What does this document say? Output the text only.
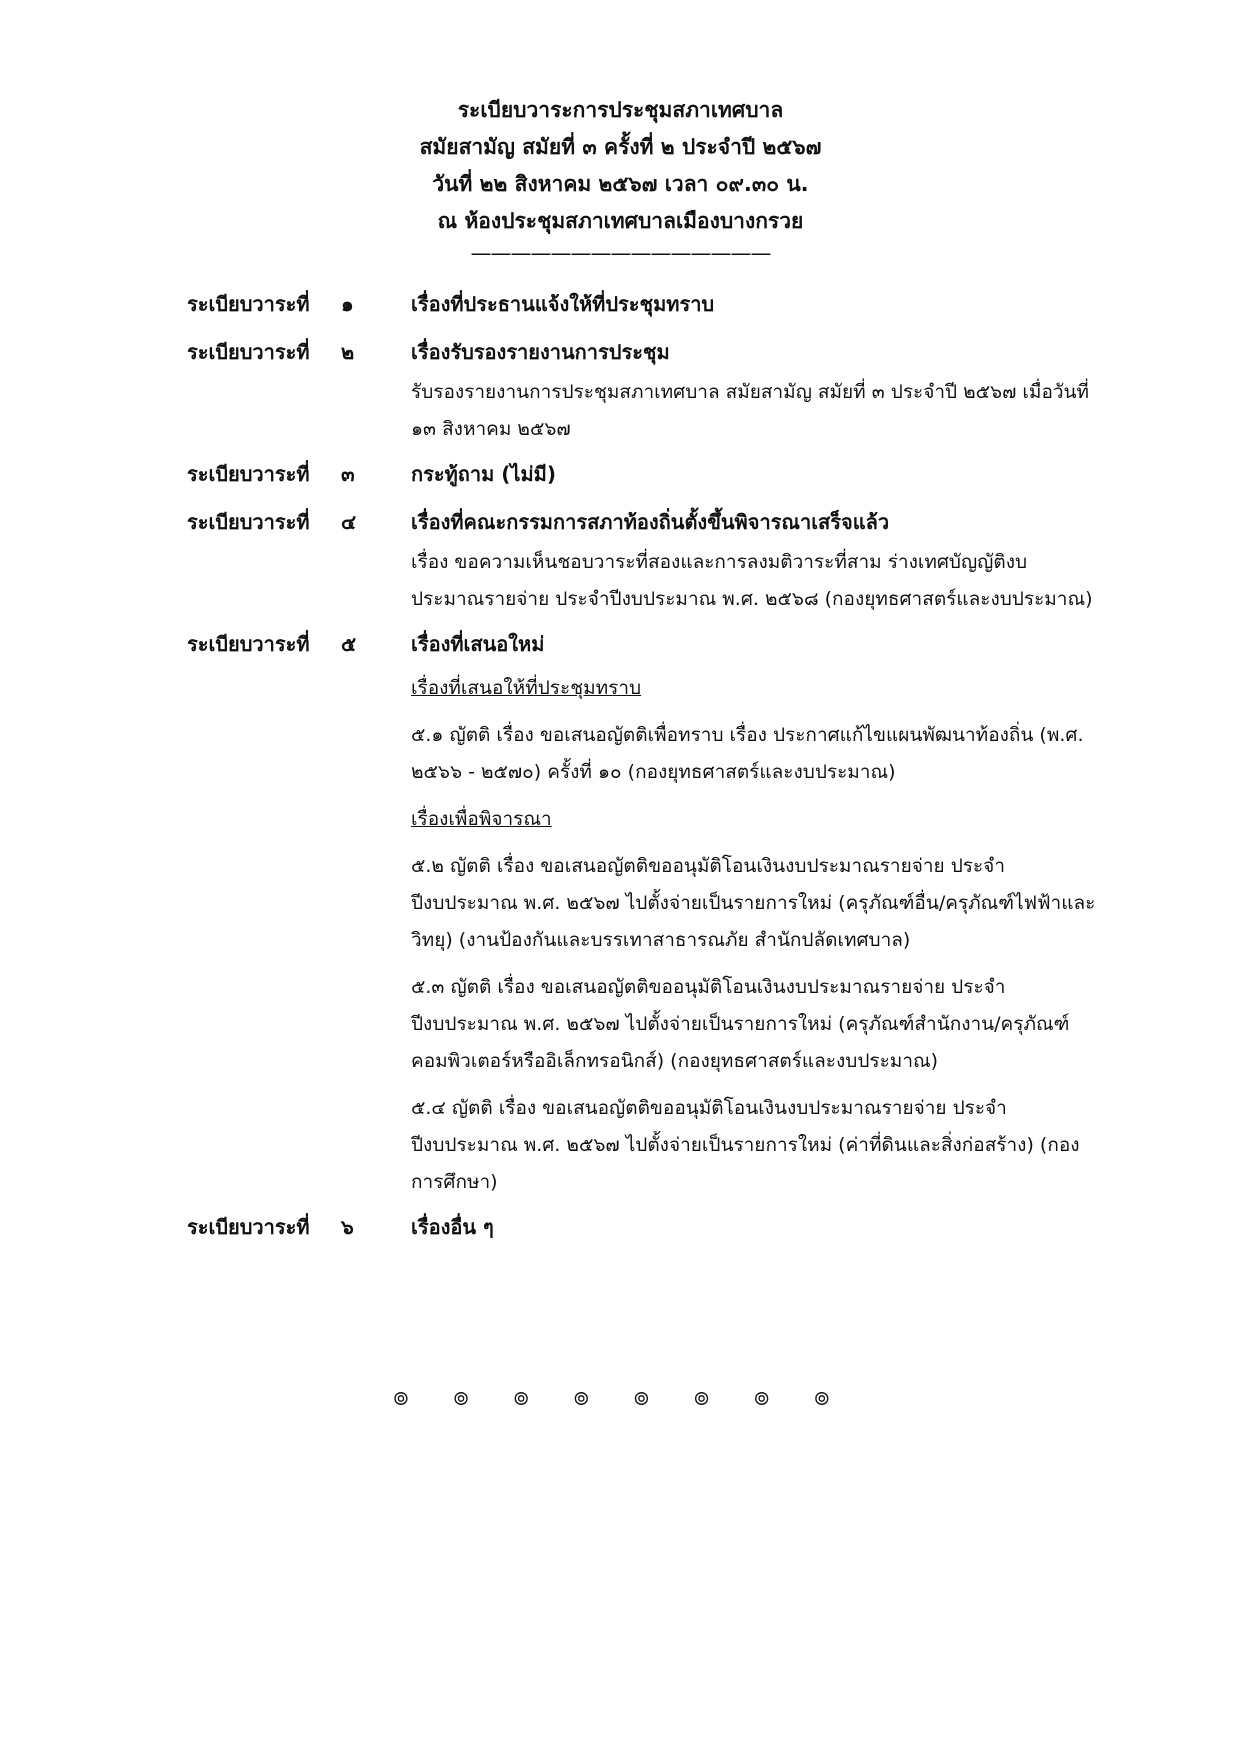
ระเบียบวาระการประชุมสภาเทศบาล
สมัยสามัญ สมัยที่ ๓ ครั้งที่ ๒ ประจำปี ๒๕๖๗
วันที่ ๒๒ สิงหาคม ๒๕๖๗ เวลา ๐๙.๓๐ น.
ณ ห้องประชุมสภาเทศบาลเมืองบางกรวย
———————————————
ระเบียบวาระที่	๑	เรื่องที่ประธานแจ้งให้ที่ประชุมทราบ
ระเบียบวาระที่	๒	เรื่องรับรองรายงานการประชุม

รับรองรายงานการประชุมสภาเทศบาล สมัยสามัญ สมัยที่ ๓ ประจำปี ๒๕๖๗ เมื่อวันที่ ๑๓ สิงหาคม ๒๕๖๗

ระเบียบวาระที่	๓	กระทู้ถาม (ไม่มี)
ระเบียบวาระที่	๔	เรื่องที่คณะกรรมการสภาท้องถิ่นตั้งขึ้นพิจารณาเสร็จแล้ว

เรื่อง ขอความเห็นชอบวาระที่สองและการลงมติวาระที่สาม ร่างเทศบัญญัติงบประมาณรายจ่าย ประจำปีงบประมาณ พ.ศ. ๒๕๖๘ (กองยุทธศาสตร์และงบประมาณ)

ระเบียบวาระที่	๕	เรื่องที่เสนอใหม่

เรื่องที่เสนอให้ที่ประชุมทราบ

๕.๑ ญัตติ เรื่อง ขอเสนอญัตติเพื่อทราบ เรื่อง ประกาศแก้ไขแผนพัฒนาท้องถิ่น (พ.ศ. ๒๕๖๖ - ๒๕๗๐) ครั้งที่ ๑๐ (กองยุทธศาสตร์และงบประมาณ)

เรื่องเพื่อพิจารณา

๕.๒ ญัตติ เรื่อง ขอเสนอญัตติขออนุมัติโอนเงินงบประมาณรายจ่าย ประจำปีงบประมาณ พ.ศ. ๒๕๖๗ ไปตั้งจ่ายเป็นรายการใหม่ (ครุภัณฑ์อื่น/ครุภัณฑ์ไฟฟ้าและวิทยุ) (งานป้องกันและบรรเทาสาธารณภัย สำนักปลัดเทศบาล)

๕.๓ ญัตติ เรื่อง ขอเสนอญัตติขออนุมัติโอนเงินงบประมาณรายจ่าย ประจำปีงบประมาณ พ.ศ. ๒๕๖๗ ไปตั้งจ่ายเป็นรายการใหม่ (ครุภัณฑ์สำนักงาน/ครุภัณฑ์คอมพิวเตอร์หรืออิเล็กทรอนิกส์) (กองยุทธศาสตร์และงบประมาณ)

๕.๔ ญัตติ เรื่อง ขอเสนอญัตติขออนุมัติโอนเงินงบประมาณรายจ่าย ประจำปีงบประมาณ พ.ศ. ๒๕๖๗ ไปตั้งจ่ายเป็นรายการใหม่ (ค่าที่ดินและสิ่งก่อสร้าง) (กองการศึกษา)

ระเบียบวาระที่	๖	เรื่องอื่น ๆ
๏ ๏ ๏ ๏ ๏ ๏ ๏ ๏
